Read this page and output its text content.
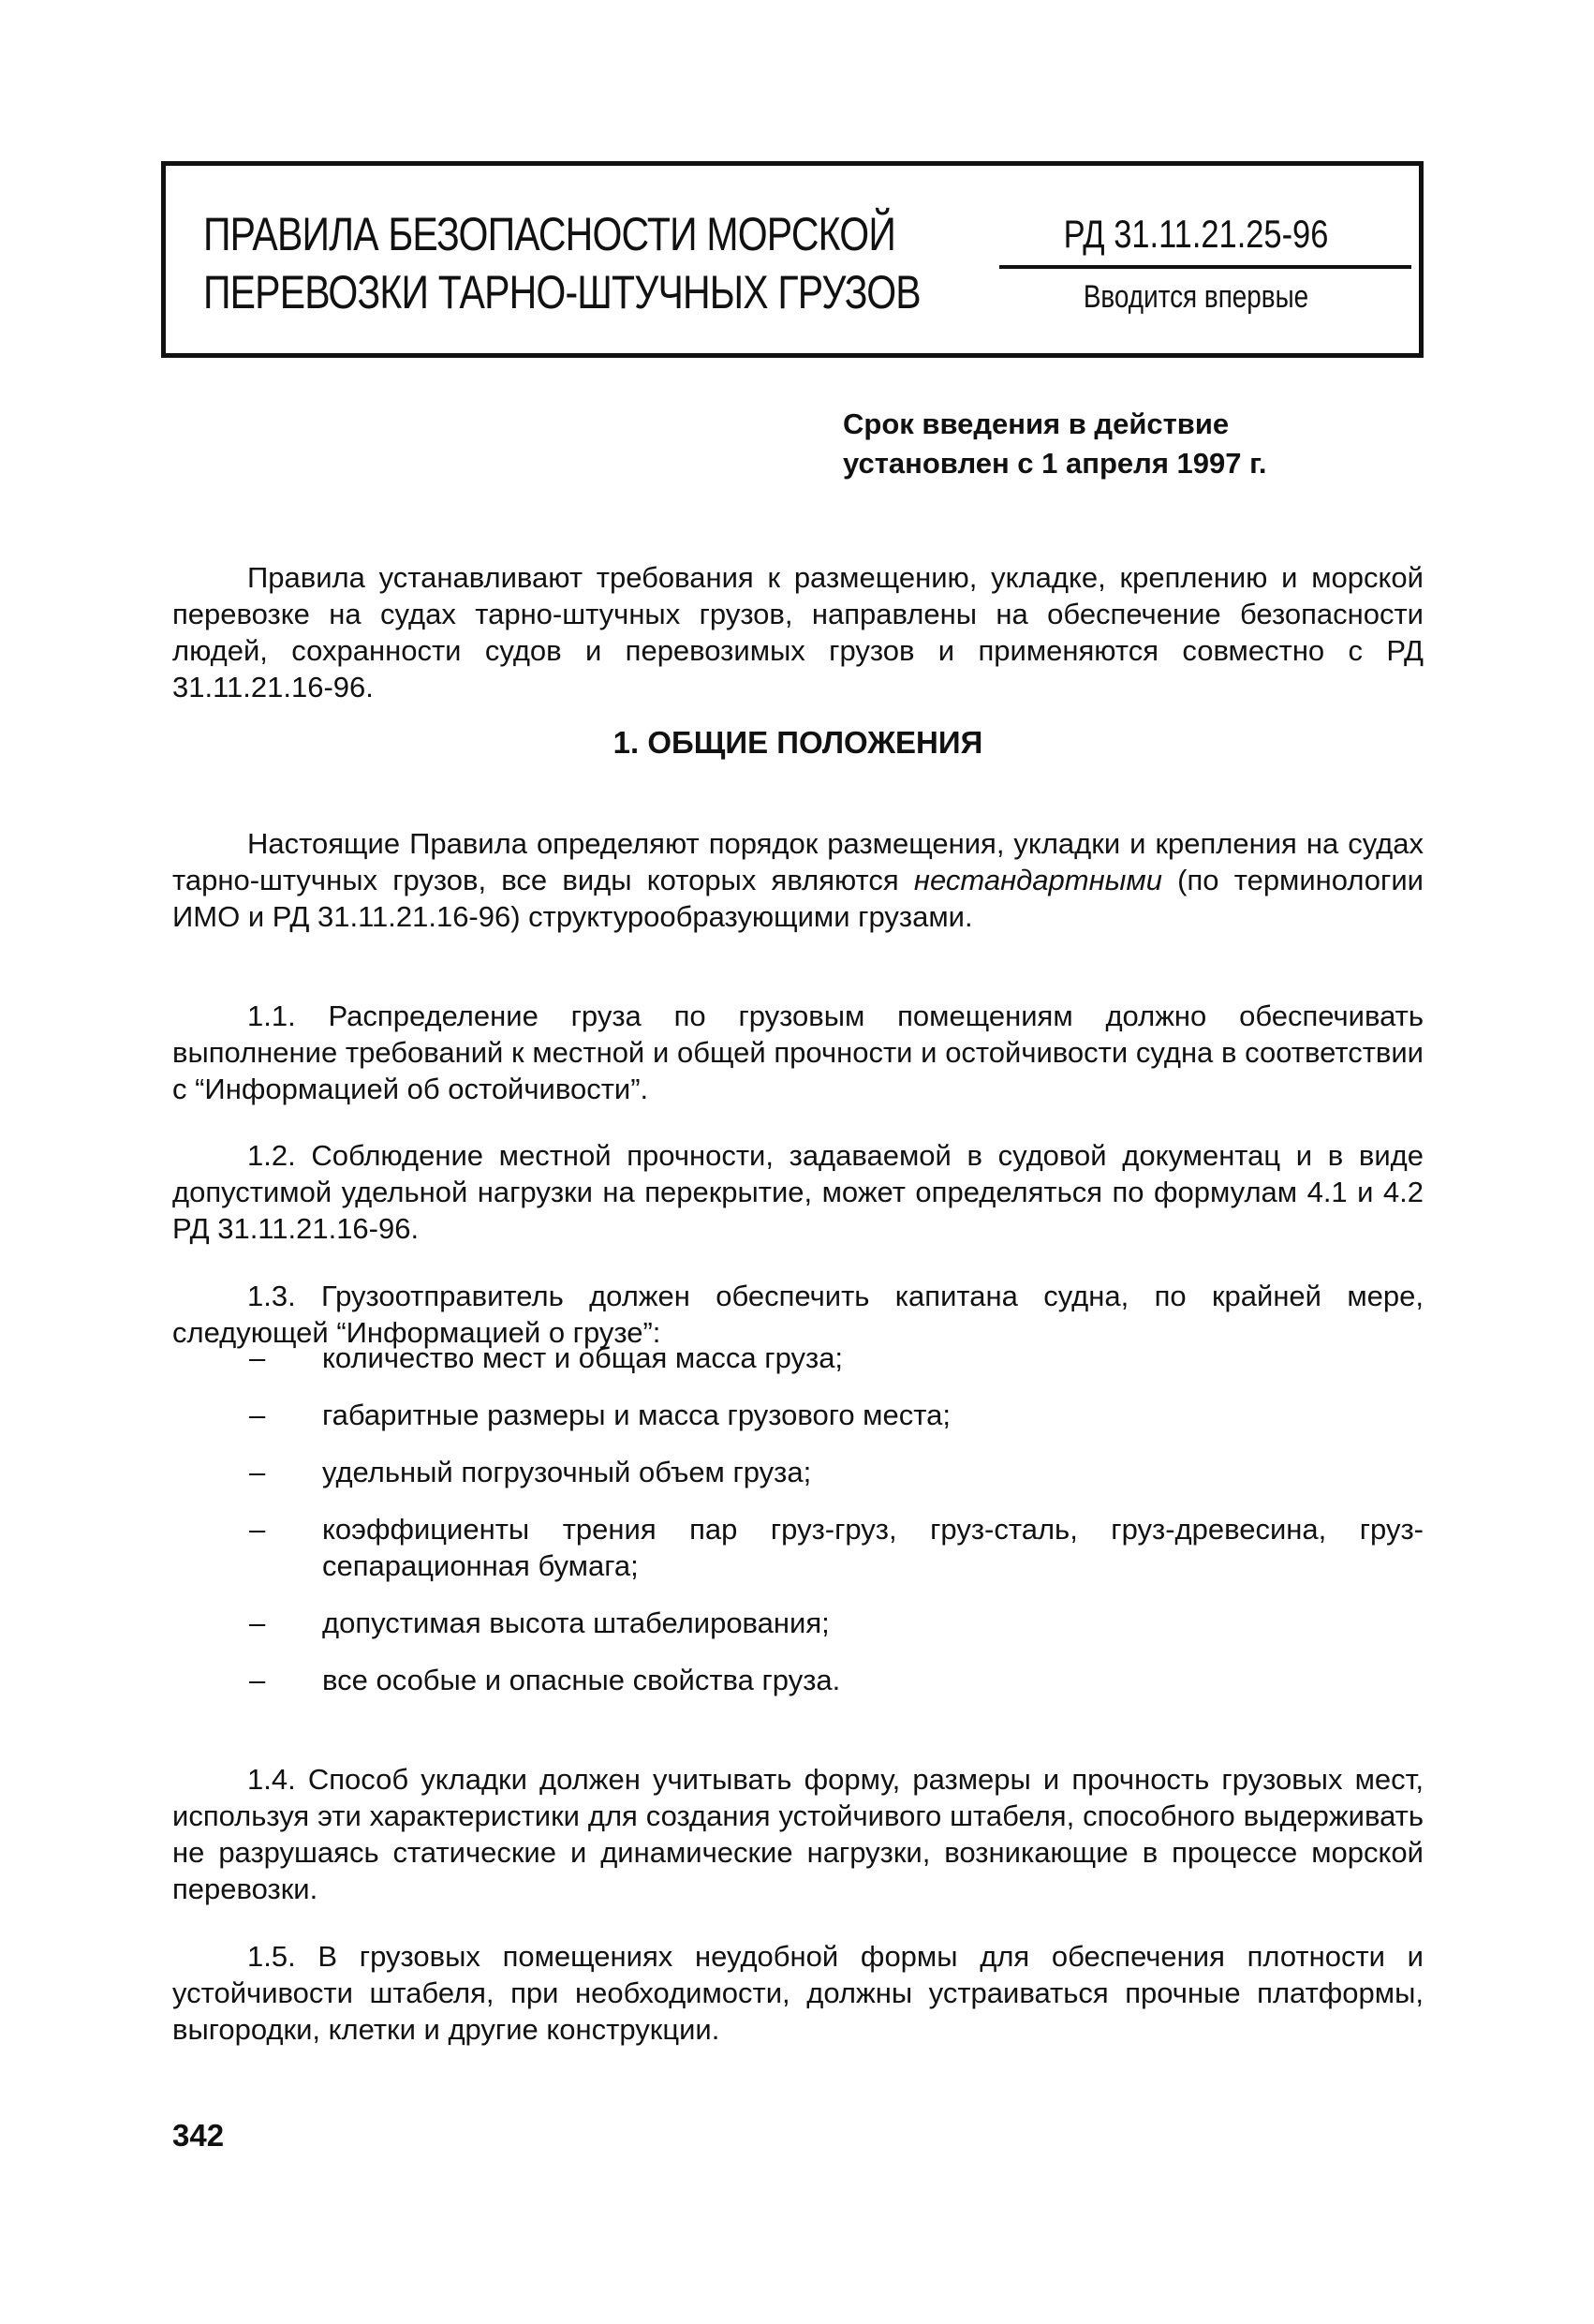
ПРАВИЛА БЕЗОПАСНОСТИ МОРСКОЙ
ПЕРЕВОЗКИ ТАРНО-ШТУЧНЫХ ГРУЗОВ
РД 31.11.21.25-96
Вводится впервые
Срок введения в действие
установлен с 1 апреля 1997 г.

Правила устанавливают требования к размещению, укладке, креплению и морской перевозке на судах тарно-штучных грузов, направлены на обеспечение безопасности людей, сохранности судов и перевозимых грузов и применяются совместно с РД 31.11.21.16-96.

1. ОБЩИЕ ПОЛОЖЕНИЯ

Настоящие Правила определяют порядок размещения, укладки и крепления на судах тарно-штучных грузов, все виды которых являются нестандартными (по терминологии ИМО и РД 31.11.21.16-96) структурообразующими грузами.

1.1. Распределение груза по грузовым помещениям должно обеспечивать выполнение требований к местной и общей прочности и остойчивости судна в соответствии с “Информацией об остойчивости”.

1.2. Соблюдение местной прочности, задаваемой в судовой документац и в виде допустимой удельной нагрузки на перекрытие, может определяться по формулам 4.1 и 4.2 РД 31.11.21.16-96.

1.3. Грузоотправитель должен обеспечить капитана судна, по крайней мере, следующей “Информацией о грузе”:

–	количество мест и общая масса груза;
–	габаритные размеры и масса грузового места;
–	удельный погрузочный объем груза;
–	коэффициенты трения пар груз-груз, груз-сталь, груз-древесина, груз-сепарационная бумага;
–	допустимая высота штабелирования;
–	все особые и опасные свойства груза.

1.4. Способ укладки должен учитывать форму, размеры и прочность грузовых мест, используя эти характеристики для создания устойчивого штабеля, способного выдерживать не разрушаясь статические и динамические нагрузки, возникающие в процессе морской перевозки.

1.5. В грузовых помещениях неудобной формы для обеспечения плотности и устойчивости штабеля, при необходимости, должны устраиваться прочные платформы, выгородки, клетки и другие конструкции.

342
